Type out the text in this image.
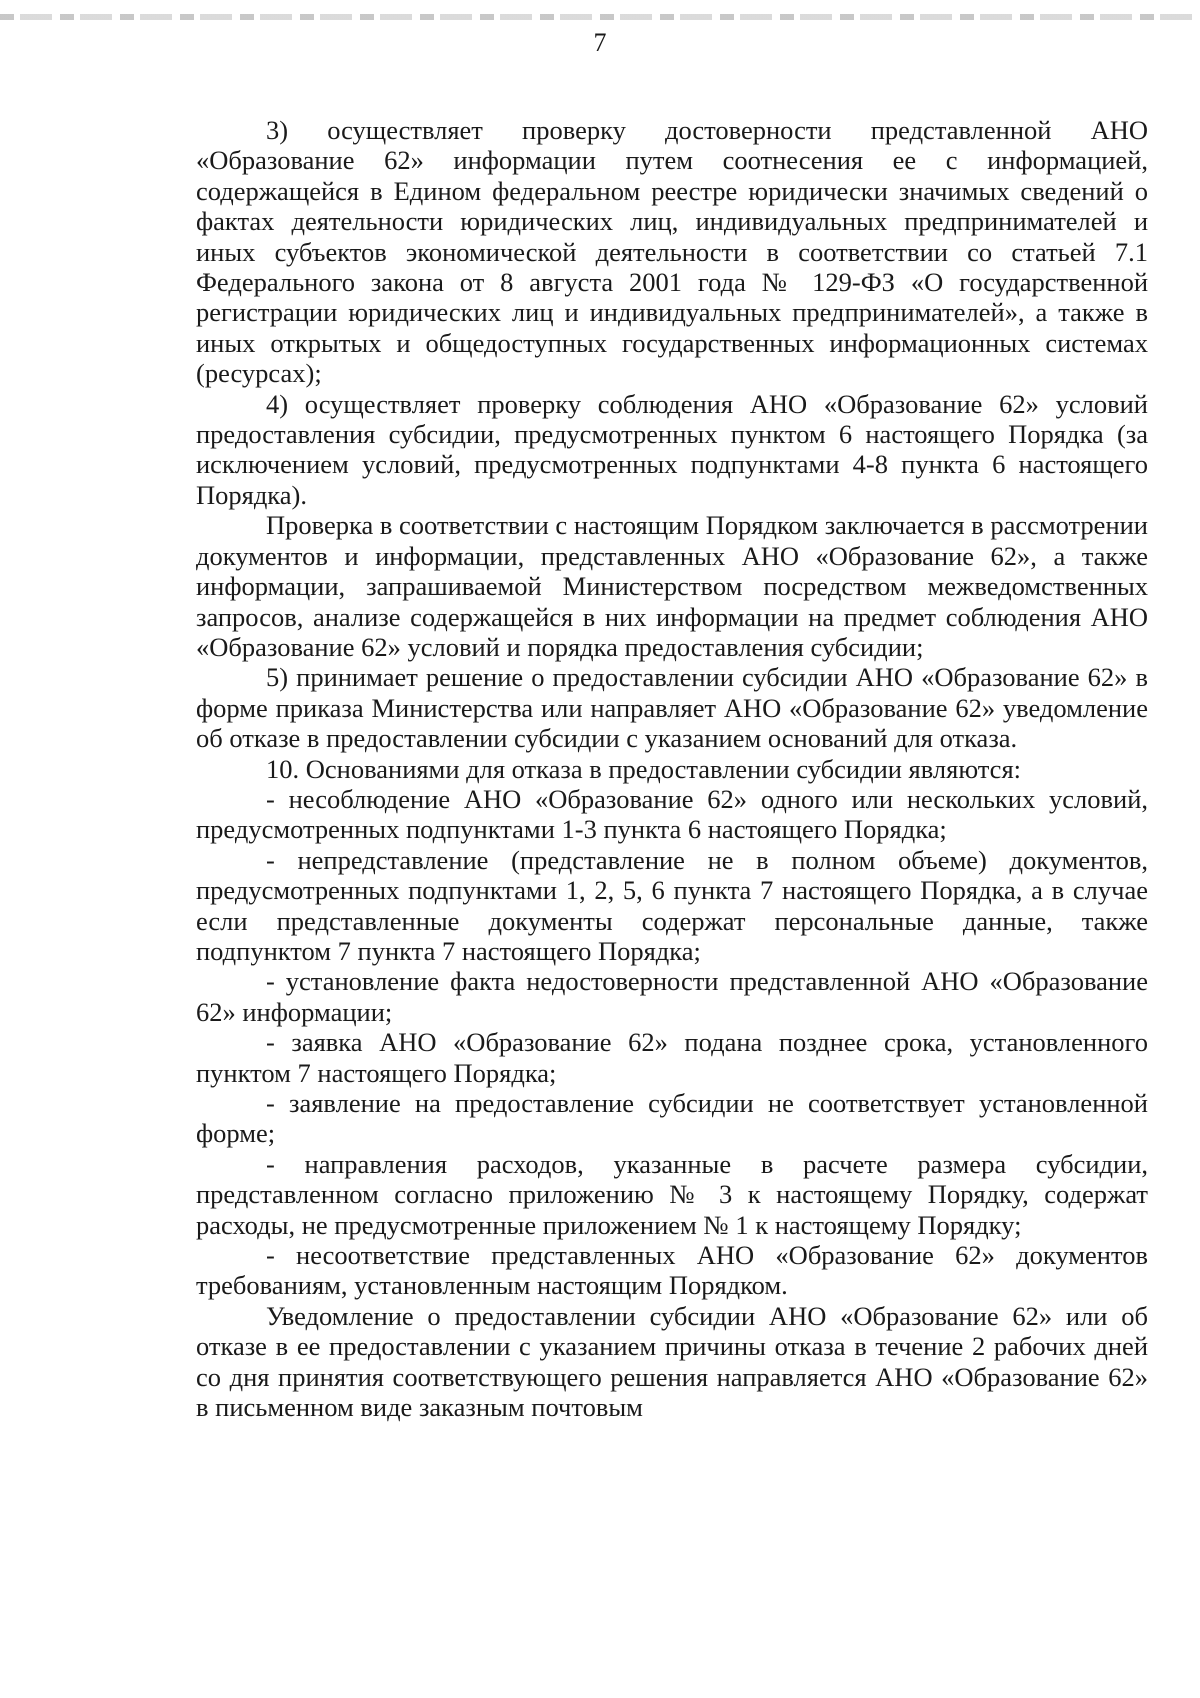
7

3) осуществляет проверку достоверности представленной АНО «Образование 62» информации путем соотнесения ее с информацией, содержащейся в Едином федеральном реестре юридически значимых сведений о фактах деятельности юридических лиц, индивидуальных предпринимателей и иных субъектов экономической деятельности в соответствии со статьей 7.1 Федерального закона от 8 августа 2001 года № 129-ФЗ «О государственной регистрации юридических лиц и индивидуальных предпринимателей», а также в иных открытых и общедоступных государственных информационных системах (ресурсах);

4) осуществляет проверку соблюдения АНО «Образование 62» условий предоставления субсидии, предусмотренных пунктом 6 настоящего Порядка (за исключением условий, предусмотренных подпунктами 4-8 пункта 6 настоящего Порядка).

Проверка в соответствии с настоящим Порядком заключается в рассмотрении документов и информации, представленных АНО «Образование 62», а также информации, запрашиваемой Министерством посредством межведомственных запросов, анализе содержащейся в них информации на предмет соблюдения АНО «Образование 62» условий и порядка предоставления субсидии;

5) принимает решение о предоставлении субсидии АНО «Образование 62» в форме приказа Министерства или направляет АНО «Образование 62» уведомление об отказе в предоставлении субсидии с указанием оснований для отказа.

10. Основаниями для отказа в предоставлении субсидии являются:

- несоблюдение АНО «Образование 62» одного или нескольких условий, предусмотренных подпунктами 1-3 пункта 6 настоящего Порядка;

- непредставление (представление не в полном объеме) документов, предусмотренных подпунктами 1, 2, 5, 6 пункта 7 настоящего Порядка, а в случае если представленные документы содержат персональные данные, также подпунктом 7 пункта 7 настоящего Порядка;

- установление факта недостоверности представленной АНО «Образование 62» информации;

- заявка АНО «Образование 62» подана позднее срока, установленного пунктом 7 настоящего Порядка;

- заявление на предоставление субсидии не соответствует установленной форме;

- направления расходов, указанные в расчете размера субсидии, представленном согласно приложению № 3 к настоящему Порядку, содержат расходы, не предусмотренные приложением № 1 к настоящему Порядку;

- несоответствие представленных АНО «Образование 62» документов требованиям, установленным настоящим Порядком.

Уведомление о предоставлении субсидии АНО «Образование 62» или об отказе в ее предоставлении с указанием причины отказа в течение 2 рабочих дней со дня принятия соответствующего решения направляется АНО «Образование 62» в письменном виде заказным почтовым
